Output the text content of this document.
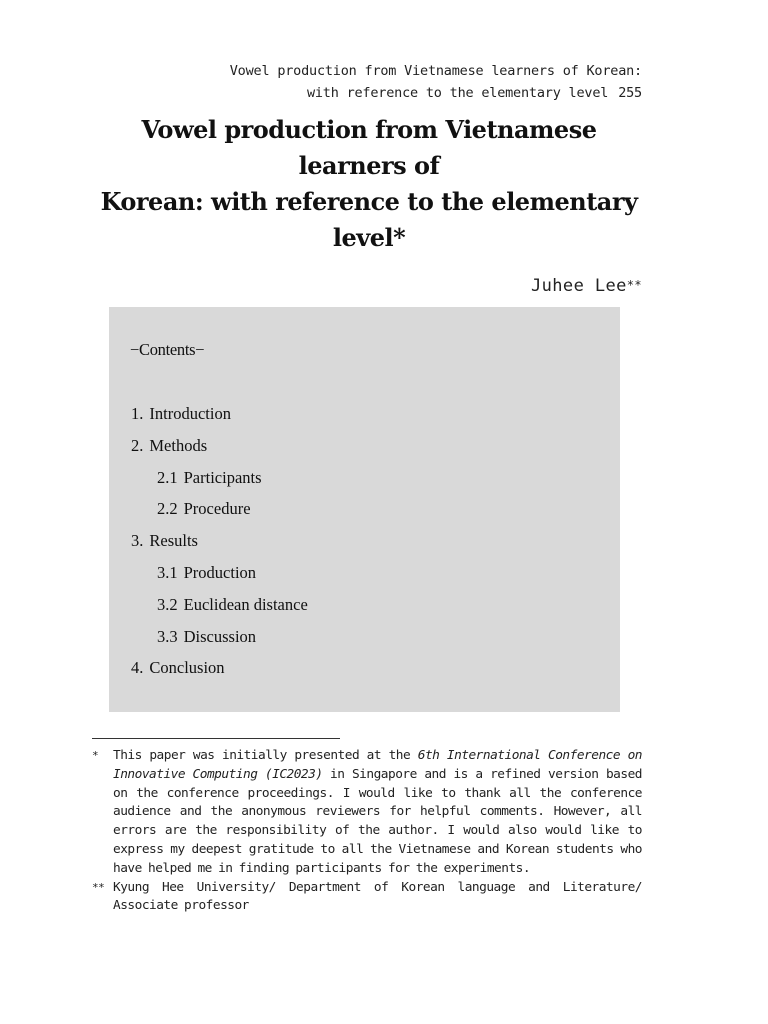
Vowel production from Vietnamese learners of Korean:
with reference to the elementary level 255
Vowel production from Vietnamese learners of
Korean: with reference to the elementary
level*
Juhee Lee**
−Contents−
1. Introduction
2. Methods
2.1 Participants
2.2 Procedure
3. Results
3.1 Production
3.2 Euclidean distance
3.3 Discussion
4. Conclusion

* This paper was initially presented at the 6th International Conference on Innovative Computing (IC2023) in Singapore and is a refined version based on the conference proceedings. I would like to thank all the conference audience and the anonymous reviewers for helpful comments. However, all errors are the responsibility of the author. I would also would like to express my deepest gratitude to all the Vietnamese and Korean students who have helped me in finding participants for the experiments.

** Kyung Hee University/ Department of Korean language and Literature/ Associate professor
